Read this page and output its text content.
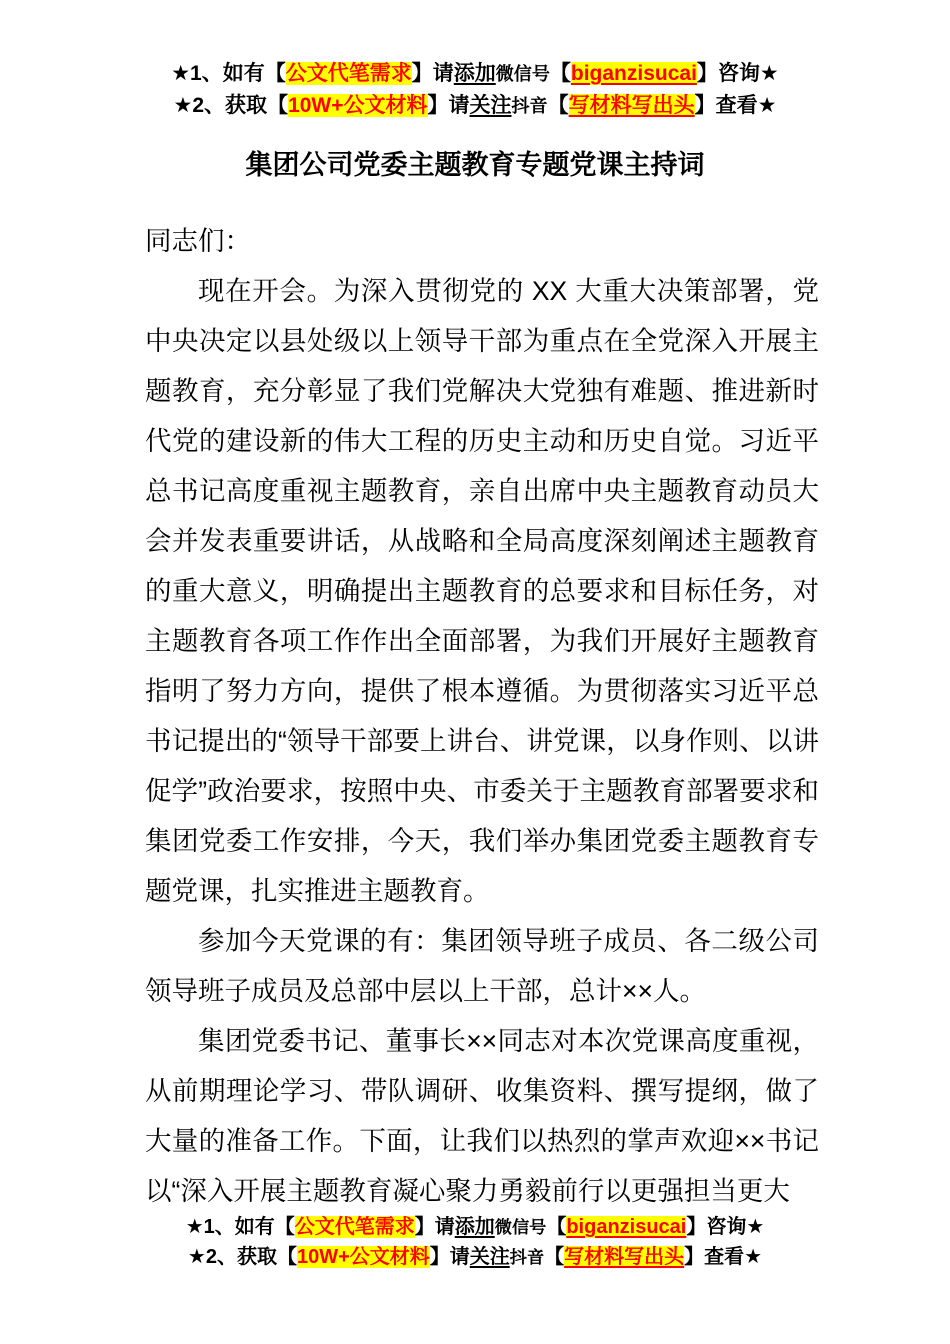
★1、如有【公文代笔需求】请添加微信号【biganzisucai】咨询★
★2、获取【10W+公文材料】请关注抖音【写材料写出头】查看★
集团公司党委主题教育专题党课主持词

同志们：

现在开会。为深入贯彻党的 XX 大重大决策部署，党中央决定以县处级以上领导干部为重点在全党深入开展主题教育，充分彰显了我们党解决大党独有难题、推进新时代党的建设新的伟大工程的历史主动和历史自觉。习近平总书记高度重视主题教育，亲自出席中央主题教育动员大会并发表重要讲话，从战略和全局高度深刻阐述主题教育的重大意义，明确提出主题教育的总要求和目标任务，对主题教育各项工作作出全面部署，为我们开展好主题教育指明了努力方向，提供了根本遵循。为贯彻落实习近平总书记提出的“领导干部要上讲台、讲党课，以身作则、以讲促学”政治要求，按照中央、市委关于主题教育部署要求和集团党委工作安排，今天，我们举办集团党委主题教育专题党课，扎实推进主题教育。

参加今天党课的有：集团领导班子成员、各二级公司领导班子成员及总部中层以上干部，总计××人。

集团党委书记、董事长××同志对本次党课高度重视，从前期理论学习、带队调研、收集资料、撰写提纲，做了大量的准备工作。下面，让我们以热烈的掌声欢迎××书记以“深入开展主题教育凝心聚力勇毅前行以更强担当更大

★1、如有【公文代笔需求】请添加微信号【biganzisucai】咨询★
★2、获取【10W+公文材料】请关注抖音【写材料写出头】查看★
